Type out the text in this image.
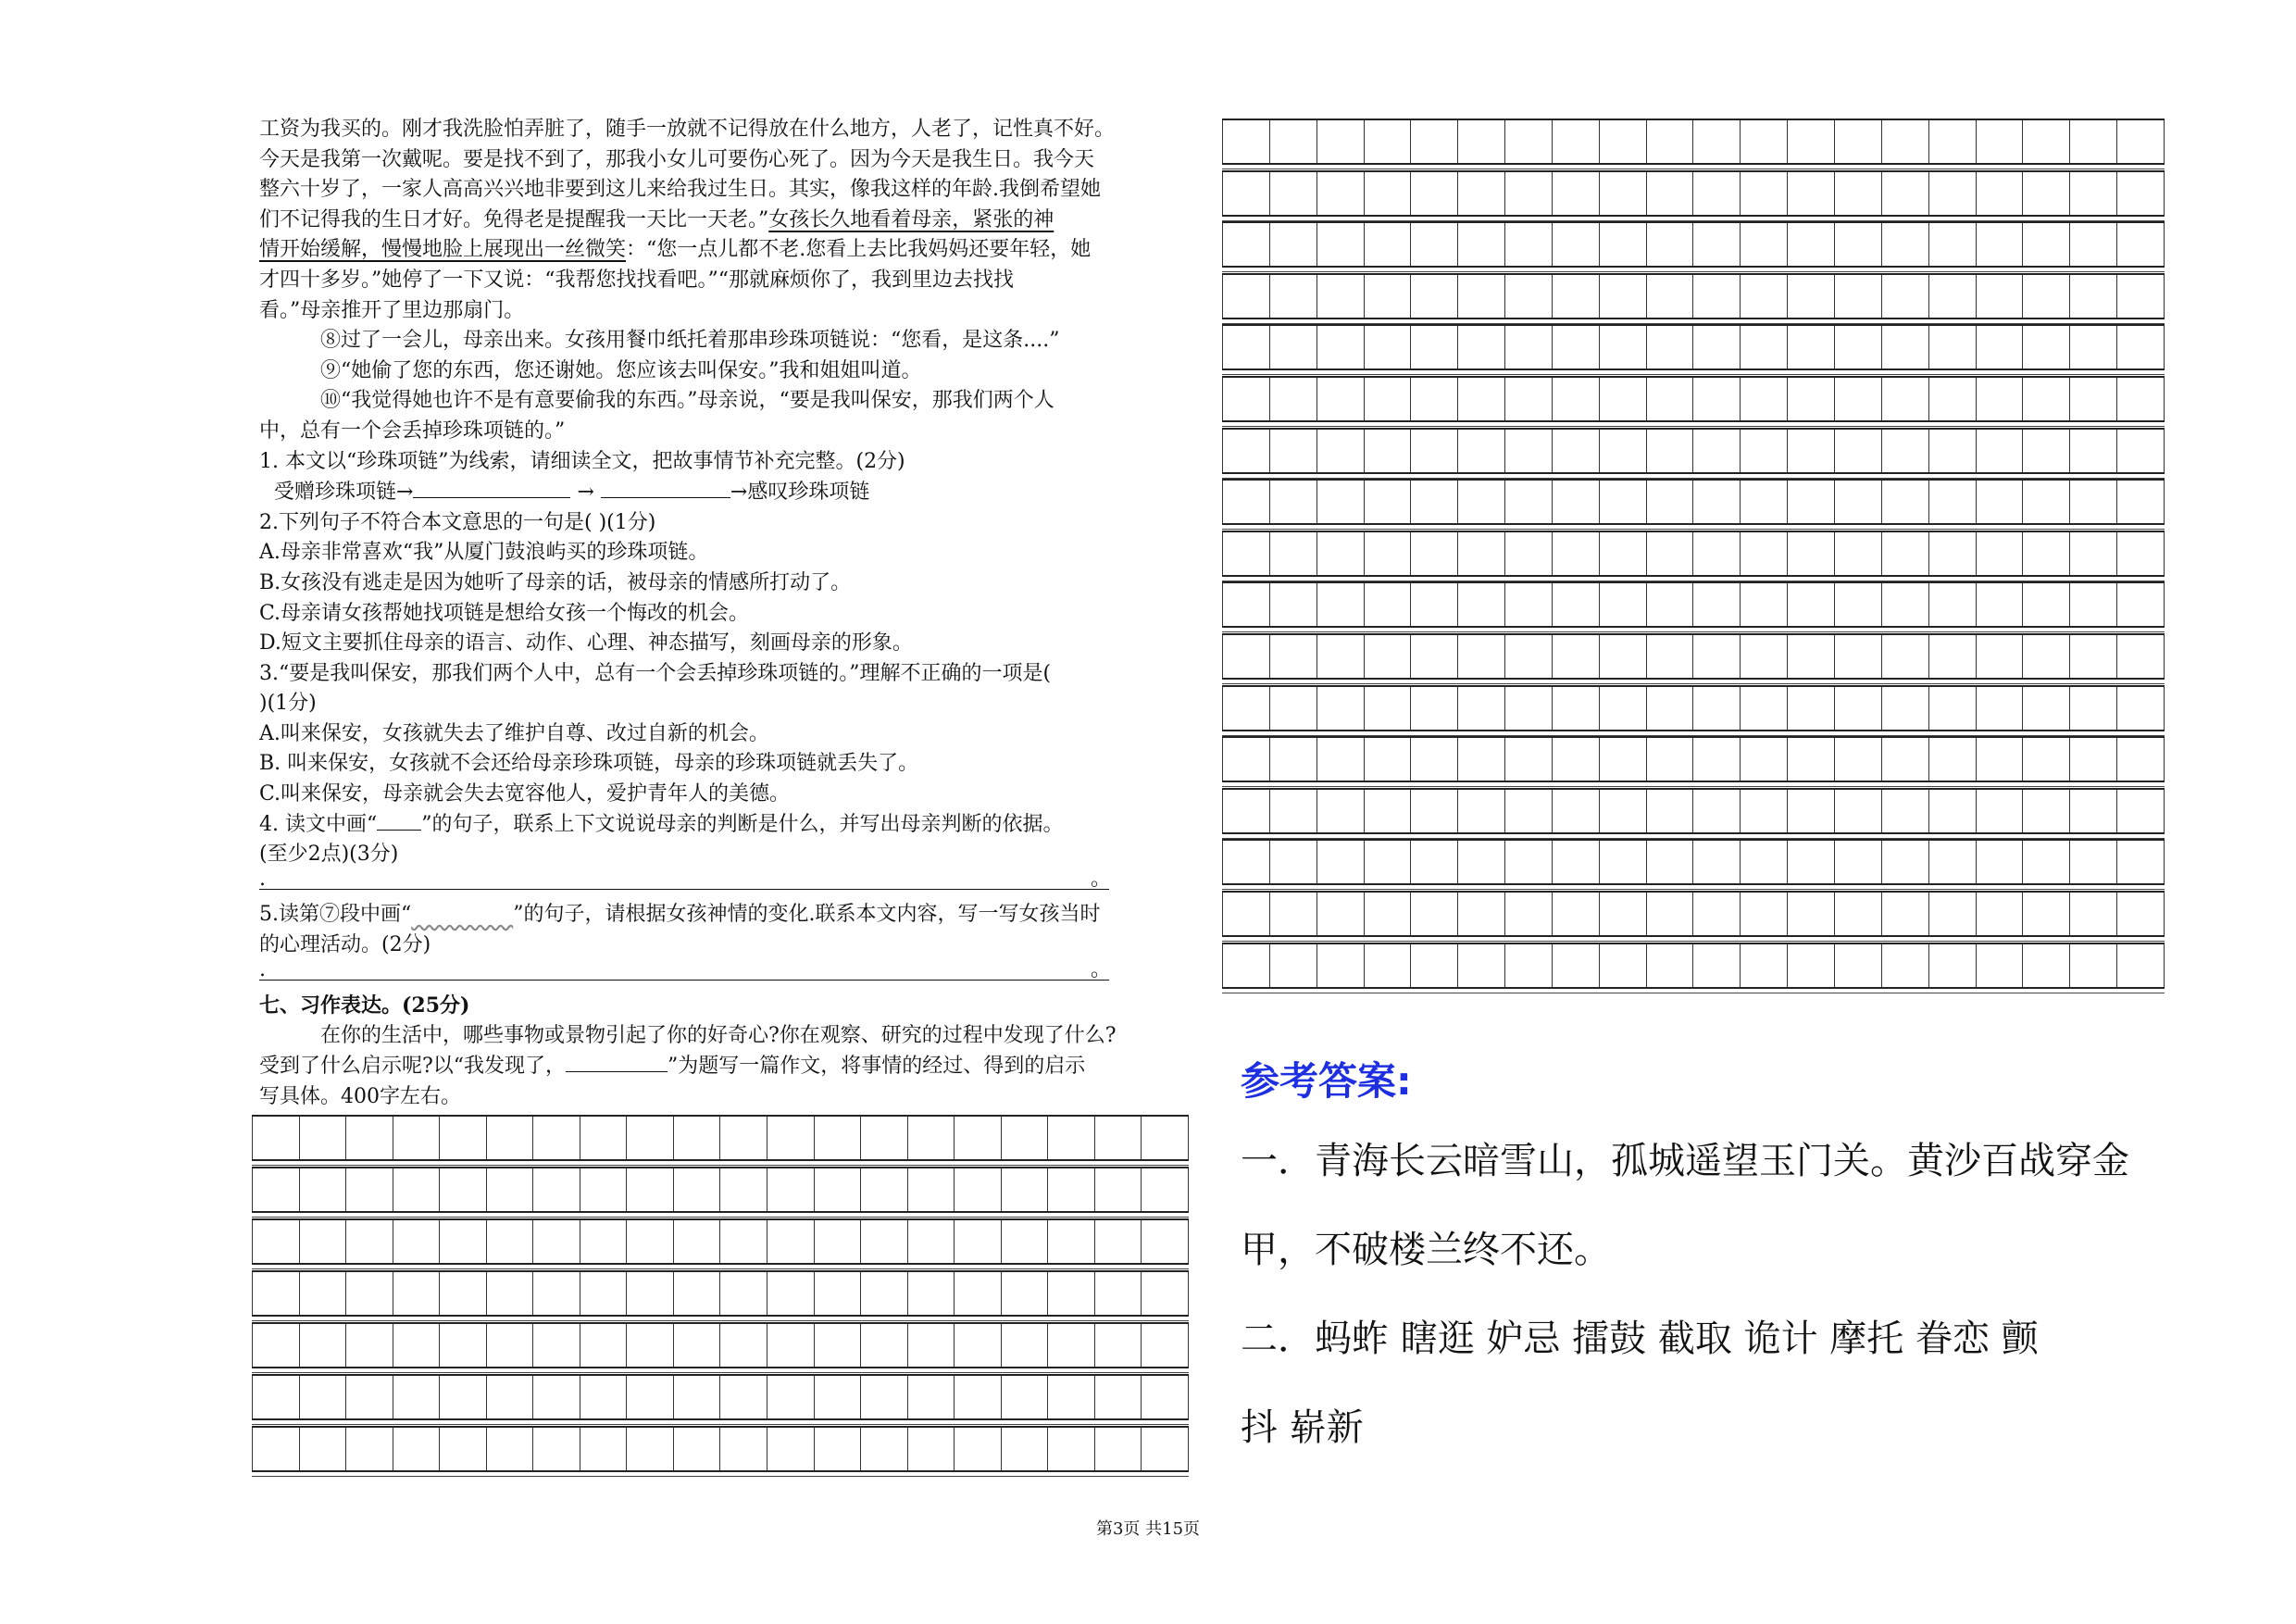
工资为我买的。刚才我洗脸怕弄脏了，随手一放就不记得放在什么地方，人老了，记性真不好。

今天是我第一次戴呢。要是找不到了，那我小女儿可要伤心死了。因为今天是我生日。我今天

整六十岁了，一家人高高兴兴地非要到这儿来给我过生日。其实，像我这样的年龄.我倒希望她

们不记得我的生日才好。免得老是提醒我一天比一天老。”女孩长久地看着母亲，紧张的神

情开始缓解，慢慢地脸上展现出一丝微笑：“您一点儿都不老.您看上去比我妈妈还要年轻，她

才四十多岁。”她停了一下又说：“我帮您找找看吧。”“那就麻烦你了，我到里边去找找

看。”母亲推开了里边那扇门。

⑧过了一会儿，母亲出来。女孩用餐巾纸托着那串珍珠项链说：“您看，是这条....”

⑨“她偷了您的东西，您还谢她。您应该去叫保安。”我和姐姐叫道。

⑩“我觉得她也许不是有意要偷我的东西。”母亲说，“要是我叫保安，那我们两个人

中，总有一个会丢掉珍珠项链的。”

1. 本文以“珍珠项链”为线索，请细读全文，把故事情节补充完整。(2分)

受赠珍珠项链→	→	→感叹珍珠项链

2.下列句子不符合本文意思的一句是( )(1分)

A.母亲非常喜欢“我”从厦门鼓浪屿买的珍珠项链。

B.女孩没有逃走是因为她听了母亲的话，被母亲的情感所打动了。

C.母亲请女孩帮她找项链是想给女孩一个悔改的机会。

D.短文主要抓住母亲的语言、动作、心理、神态描写，刻画母亲的形象。

3.“要是我叫保安，那我们两个人中，总有一个会丢掉珍珠项链的。”理解不正确的一项是(

)(1分)

A.叫来保安，女孩就失去了维护自尊、改过自新的机会。

B. 叫来保安，女孩就不会还给母亲珍珠项链，母亲的珍珠项链就丢失了。

C.叫来保安，母亲就会失去宽容他人，爱护青年人的美德。

4. 读文中画“ ”的句子，联系上下文说说母亲的判断是什么，并写出母亲判断的依据。

(至少2点)(3分)

.	。

5.读第⑦段中画“	”的句子，请根据女孩神情的变化.联系本文内容，写一写女孩当时

的心理活动。(2分)

.	。

七、习作表达。(25分)

在你的生活中，哪些事物或景物引起了你的好奇心?你在观察、研究的过程中发现了什么?

受到了什么启示呢?以“我发现了，	”为题写一篇作文，将事情的经过、得到的启示

写具体。400字左右。	参考答案:

一．青海长云暗雪山，孤城遥望玉门关。黄沙百战穿金

甲，不破楼兰终不还。

二．蚂蚱 瞎逛 妒忌 擂鼓 截取 诡计 摩托 眷恋 颤

抖 崭新

第3页 共15页
